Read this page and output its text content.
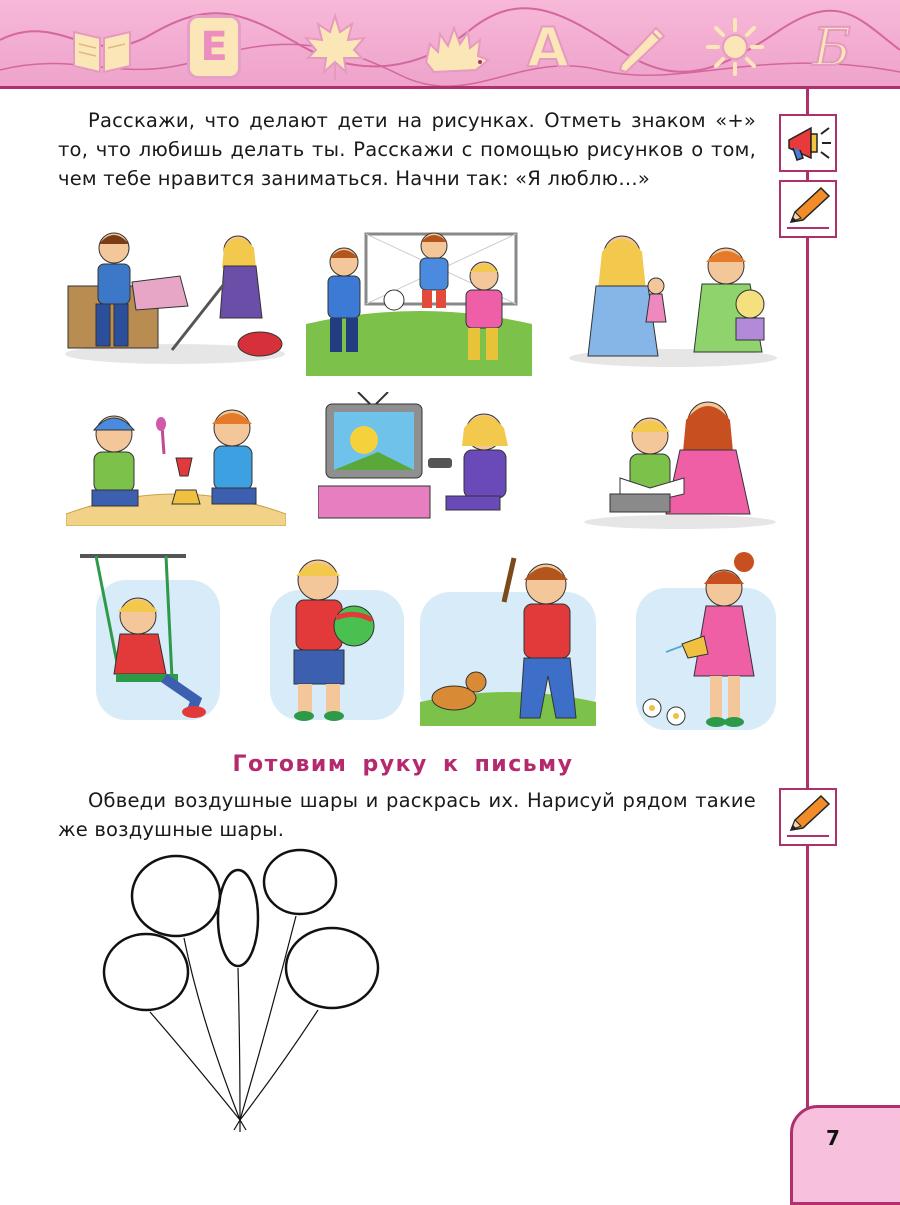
Е	А	Б

Расскажи, что делают дети на рисунках. Отметь знаком «+» то, что любишь делать ты. Расскажи с помощью рисунков о том, чем тебе нравится заниматься. Начни так: «Я люблю…»

Готовим руку к письму

Обведи воздушные шары и раскрась их. Нарисуй рядом такие же воздушные шары.

7
